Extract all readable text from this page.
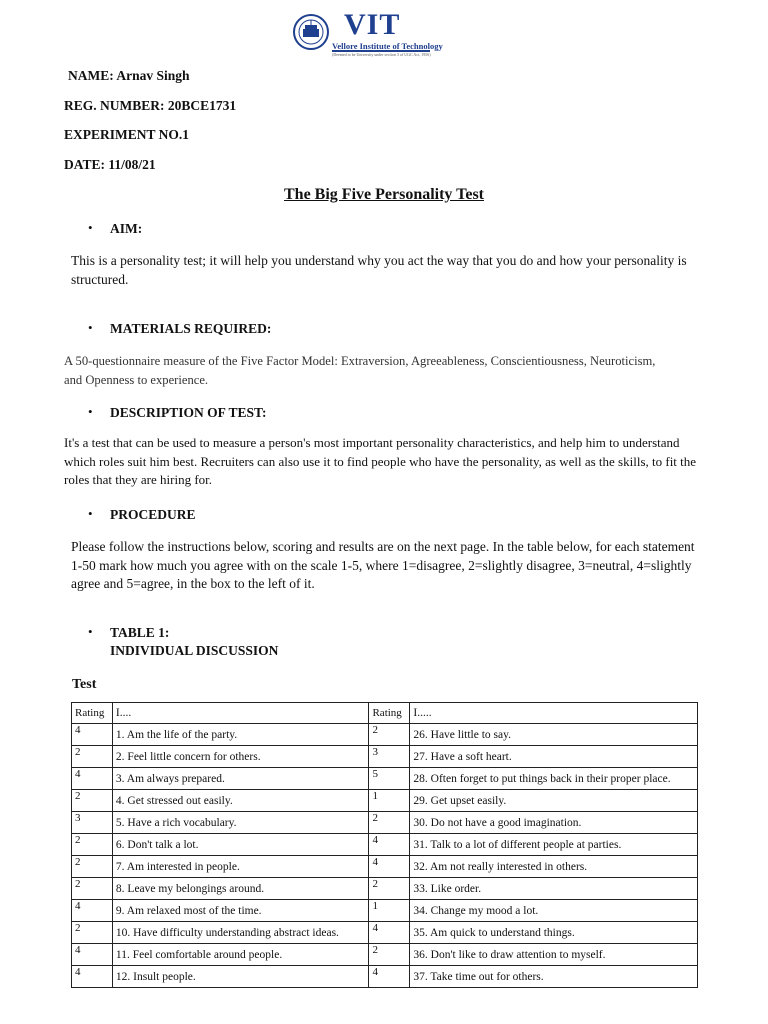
VIT
Vellore Institute of Technology
(Deemed to be University under section 3 of UGC Act, 1956)
NAME: Arnav Singh
REG. NUMBER: 20BCE1731
EXPERIMENT NO.1
DATE: 11/08/21
The Big Five Personality Test
• AIM:
This is a personality test; it will help you understand why you act the way that you do and how your personality is structured.
• MATERIALS REQUIRED:
A 50-questionnaire measure of the Five Factor Model: Extraversion, Agreeableness, Conscientiousness, Neuroticism, and Openness to experience.
• DESCRIPTION OF TEST:
It's a test that can be used to measure a person's most important personality characteristics, and help him to understand which roles suit him best. Recruiters can also use it to find people who have the personality, as well as the skills, to fit the roles that they are hiring for.
• PROCEDURE
Please follow the instructions below, scoring and results are on the next page. In the table below, for each statement 1-50 mark how much you agree with on the scale 1-5, where 1=disagree, 2=slightly disagree, 3=neutral, 4=slightly agree and 5=agree, in the box to the left of it.
• TABLE 1:
INDIVIDUAL DISCUSSION
Test
Rating	I....	Rating	I.....
4	1. Am the life of the party.	2	26. Have little to say.
2	2. Feel little concern for others.	3	27. Have a soft heart.
4	3. Am always prepared.	5	28. Often forget to put things back in their proper place.
2	4. Get stressed out easily.	1	29. Get upset easily.
3	5. Have a rich vocabulary.	2	30. Do not have a good imagination.
2	6. Don't talk a lot.	4	31. Talk to a lot of different people at parties.
2	7. Am interested in people.	4	32. Am not really interested in others.
2	8. Leave my belongings around.	2	33. Like order.
4	9. Am relaxed most of the time.	1	34. Change my mood a lot.
2	10. Have difficulty understanding abstract ideas.	4	35. Am quick to understand things.
4	11. Feel comfortable around people.	2	36. Don't like to draw attention to myself.
4	12. Insult people.	4	37. Take time out for others.
